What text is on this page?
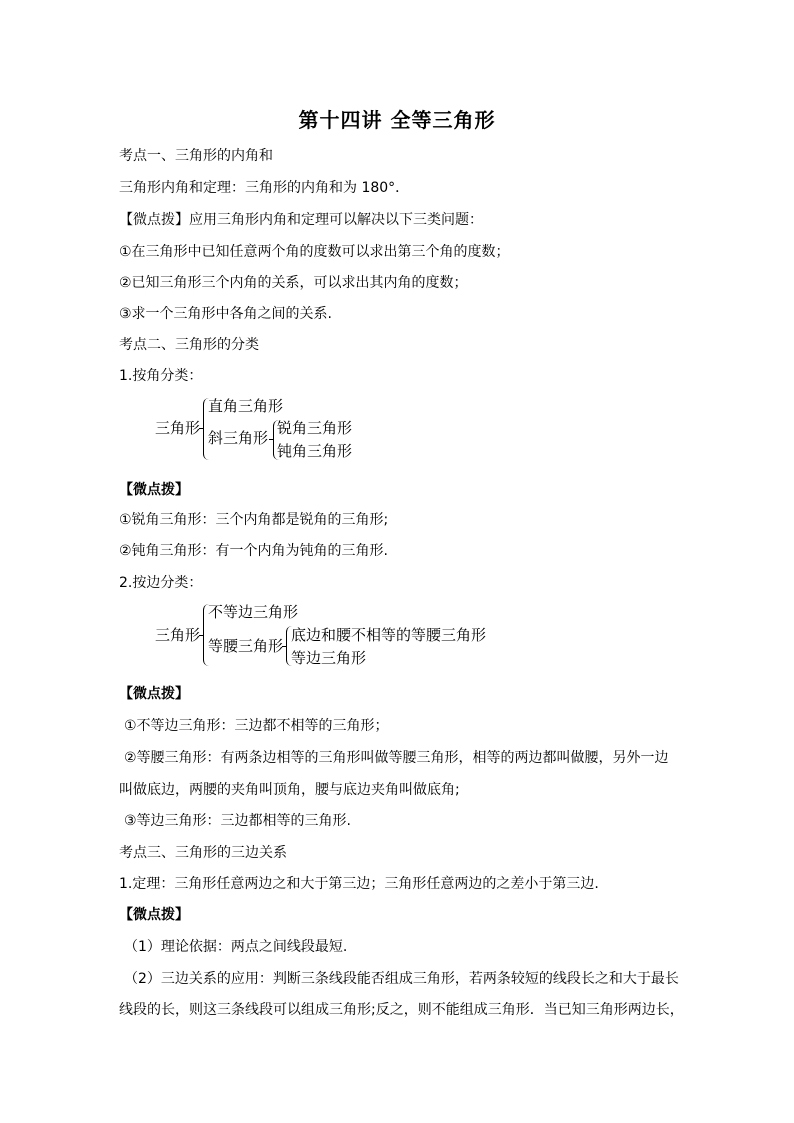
第十四讲 全等三角形
考点一、三角形的内角和
三角形内角和定理：三角形的内角和为 180°．
【微点拨】应用三角形内角和定理可以解决以下三类问题：
①在三角形中已知任意两个角的度数可以求出第三个角的度数；
②已知三角形三个内角的关系，可以求出其内角的度数；
③求一个三角形中各角之间的关系.
考点二、三角形的分类
1.按角分类：
三角形
直角三角形
斜三角形
锐角三角形
钝角三角形
【微点拨】
①锐角三角形：三个内角都是锐角的三角形;
②钝角三角形：有一个内角为钝角的三角形.
2.按边分类：
三角形
不等边三角形
等腰三角形
底边和腰不相等的等腰三角形
等边三角形
【微点拨】
①不等边三角形：三边都不相等的三角形；
②等腰三角形：有两条边相等的三角形叫做等腰三角形，相等的两边都叫做腰，另外一边
叫做底边，两腰的夹角叫顶角，腰与底边夹角叫做底角;
③等边三角形：三边都相等的三角形.
考点三、三角形的三边关系
1.定理：三角形任意两边之和大于第三边；三角形任意两边的之差小于第三边.
【微点拨】
（1）理论依据：两点之间线段最短.
（2）三边关系的应用：判断三条线段能否组成三角形，若两条较短的线段长之和大于最长
线段的长，则这三条线段可以组成三角形;反之，则不能组成三角形．当已知三角形两边长，
